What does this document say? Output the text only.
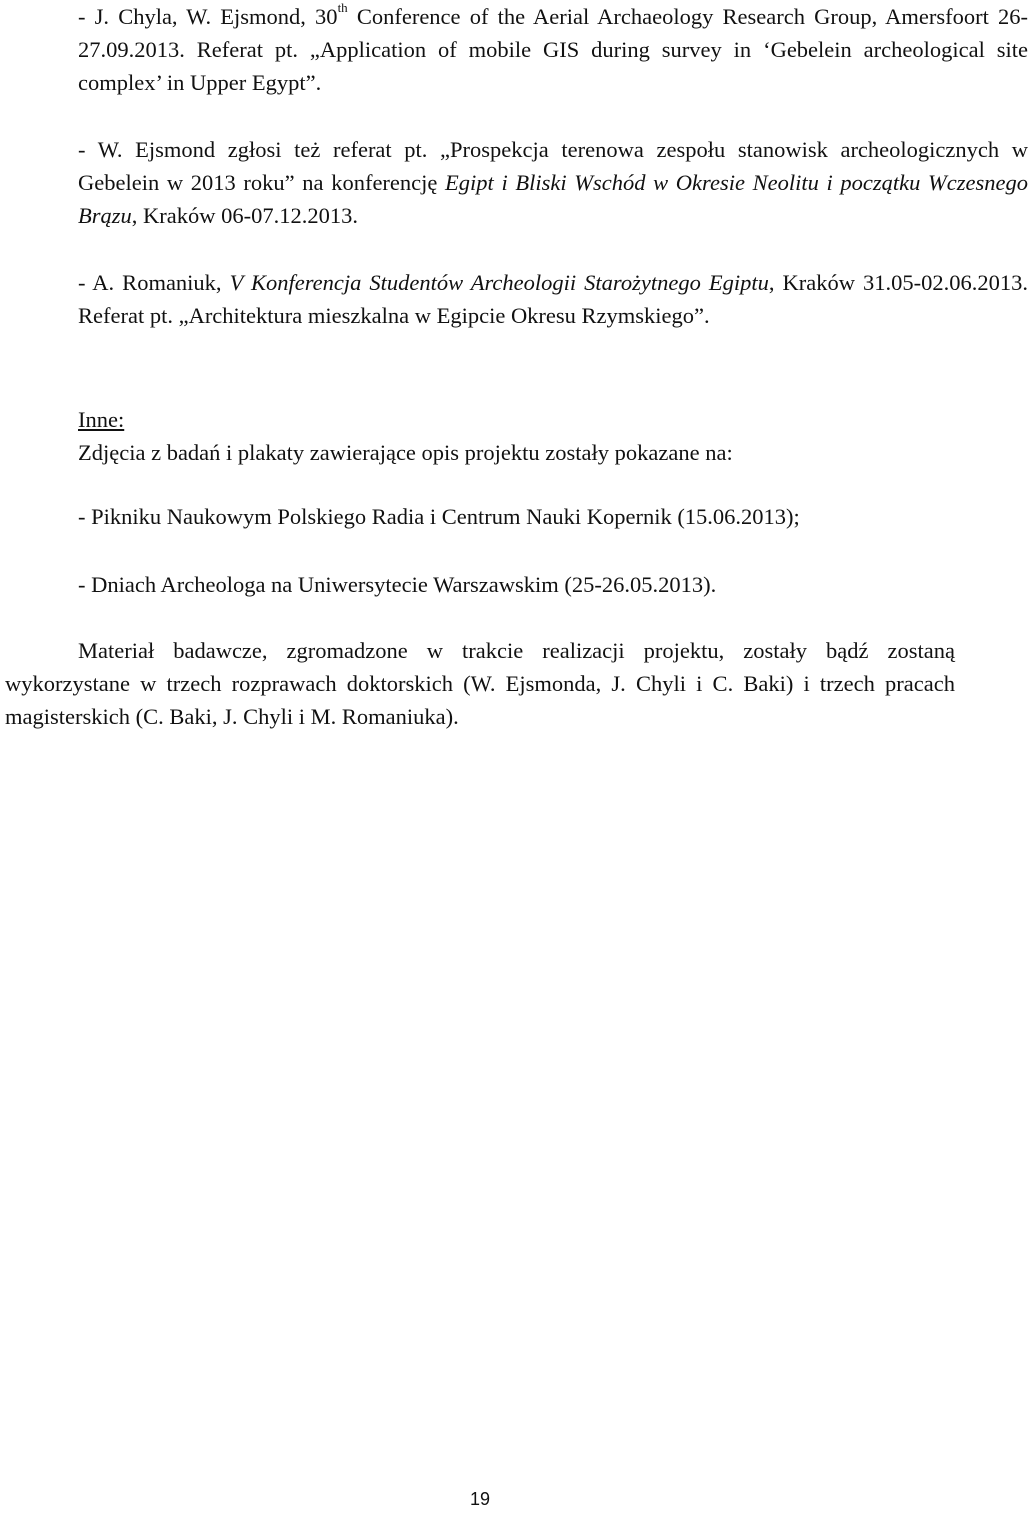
- J. Chyla, W. Ejsmond, 30th Conference of the Aerial Archaeology Research Group, Amersfoort 26-27.09.2013. Referat pt. „Application of mobile GIS during survey in ‘Gebelein archeological site complex’ in Upper Egypt”.

- W. Ejsmond zgłosi też referat pt. „Prospekcja terenowa zespołu stanowisk archeologicznych w Gebelein w 2013 roku” na konferencję Egipt i Bliski Wschód w Okresie Neolitu i początku Wczesnego Brązu, Kraków 06-07.12.2013.

- A. Romaniuk, V Konferencja Studentów Archeologii Starożytnego Egiptu, Kraków 31.05-02.06.2013. Referat pt. „Architektura mieszkalna w Egipcie Okresu Rzymskiego”.

Inne:

Zdjęcia z badań i plakaty zawierające opis projektu zostały pokazane na:

- Pikniku Naukowym Polskiego Radia i Centrum Nauki Kopernik (15.06.2013);

- Dniach Archeologa na Uniwersytecie Warszawskim (25-26.05.2013).

Materiał badawcze, zgromadzone w trakcie realizacji projektu, zostały bądź zostaną wykorzystane w trzech rozprawach doktorskich (W. Ejsmonda, J. Chyli i C. Baki) i trzech pracach magisterskich (C. Baki, J. Chyli i M. Romaniuka).

19
